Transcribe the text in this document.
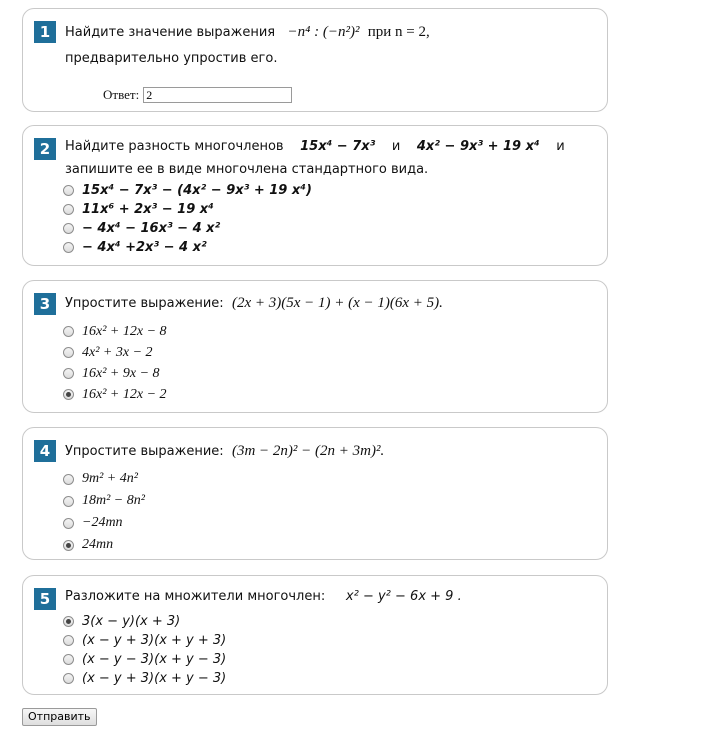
1	Найдите значение выражения −n⁴ : (−n²)² при n = 2,
предварительно упростив его.
Ответ:
2
2	Найдите разность многочленов 15x⁴ − 7x³ и 4x² − 9x³ + 19 x⁴ и
запишите ее в виде многочлена стандартного вида.
15x⁴ − 7x³ − (4x² − 9x³ + 19 x⁴)
11x⁶ + 2x³ − 19 x⁴
− 4x⁴ − 16x³ − 4 x²
− 4x⁴ +2x³ − 4 x²
3	Упростите выражение: (2x + 3)(5x − 1) + (x − 1)(6x + 5).
16x² + 12x − 8
4x² + 3x − 2
16x² + 9x − 8
16x² + 12x − 2
4	Упростите выражение: (3m − 2n)² − (2n + 3m)².
9m² + 4n²
18m² − 8n²
−24mn
24mn
5	Разложите на множители многочлен: x² − y² − 6x + 9 .
3(x − y)(x + 3)
(x − y + 3)(x + y + 3)
(x − y − 3)(x + y − 3)
(x − y + 3)(x + y − 3)
Отправить
